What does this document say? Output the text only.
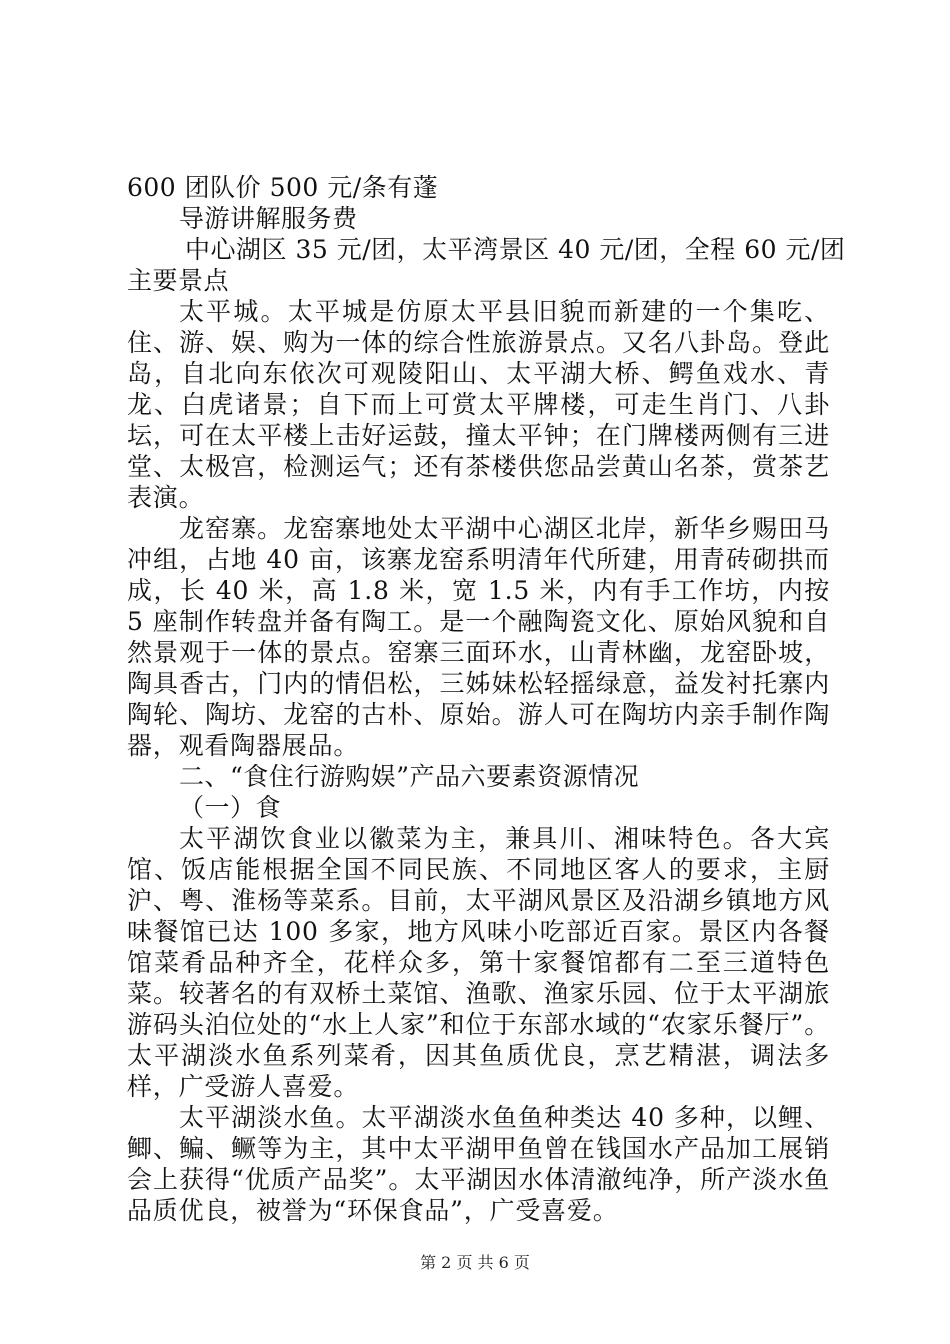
600 团队价 500 元/条有蓬
导游讲解服务费
中心湖区 35 元/团，太平湾景区 40 元/团，全程 60 元/团
主要景点

太平城。太平城是仿原太平县旧貌而新建的一个集吃、住、游、娱、购为一体的综合性旅游景点。又名八卦岛。登此岛，自北向东依次可观陵阳山、太平湖大桥、鳄鱼戏水、青龙、白虎诸景；自下而上可赏太平牌楼，可走生肖门、八卦坛，可在太平楼上击好运鼓，撞太平钟；在门牌楼两侧有三进堂、太极宫，检测运气；还有茶楼供您品尝黄山名茶，赏茶艺表演。

龙窑寨。龙窑寨地处太平湖中心湖区北岸，新华乡赐田马冲组，占地 40 亩，该寨龙窑系明清年代所建，用青砖砌拱而成，长 40 米，高 1.8 米，宽 1.5 米，内有手工作坊，内按 5 座制作转盘并备有陶工。是一个融陶瓷文化、原始风貌和自然景观于一体的景点。窑寨三面环水，山青林幽，龙窑卧坡，陶具香古，门内的情侣松，三姊妹松轻摇绿意，益发衬托寨内陶轮、陶坊、龙窑的古朴、原始。游人可在陶坊内亲手制作陶器，观看陶器展品。

二、“食住行游购娱”产品六要素资源情况
（一）食

太平湖饮食业以徽菜为主，兼具川、湘味特色。各大宾馆、饭店能根据全国不同民族、不同地区客人的要求，主厨沪、粤、淮杨等菜系。目前，太平湖风景区及沿湖乡镇地方风味餐馆已达 100 多家，地方风味小吃部近百家。景区内各餐馆菜肴品种齐全，花样众多，第十家餐馆都有二至三道特色菜。较著名的有双桥土菜馆、渔歌、渔家乐园、位于太平湖旅游码头泊位处的“水上人家”和位于东部水域的“农家乐餐厅”。太平湖淡水鱼系列菜肴，因其鱼质优良，烹艺精湛，调法多样，广受游人喜爱。

太平湖淡水鱼。太平湖淡水鱼鱼种类达 40 多种，以鲤、鲫、鳊、鳜等为主，其中太平湖甲鱼曾在钱国水产品加工展销会上获得“优质产品奖”。太平湖因水体清澈纯净，所产淡水鱼品质优良，被誉为“环保食品”，广受喜爱。

第 2 页 共 6 页
